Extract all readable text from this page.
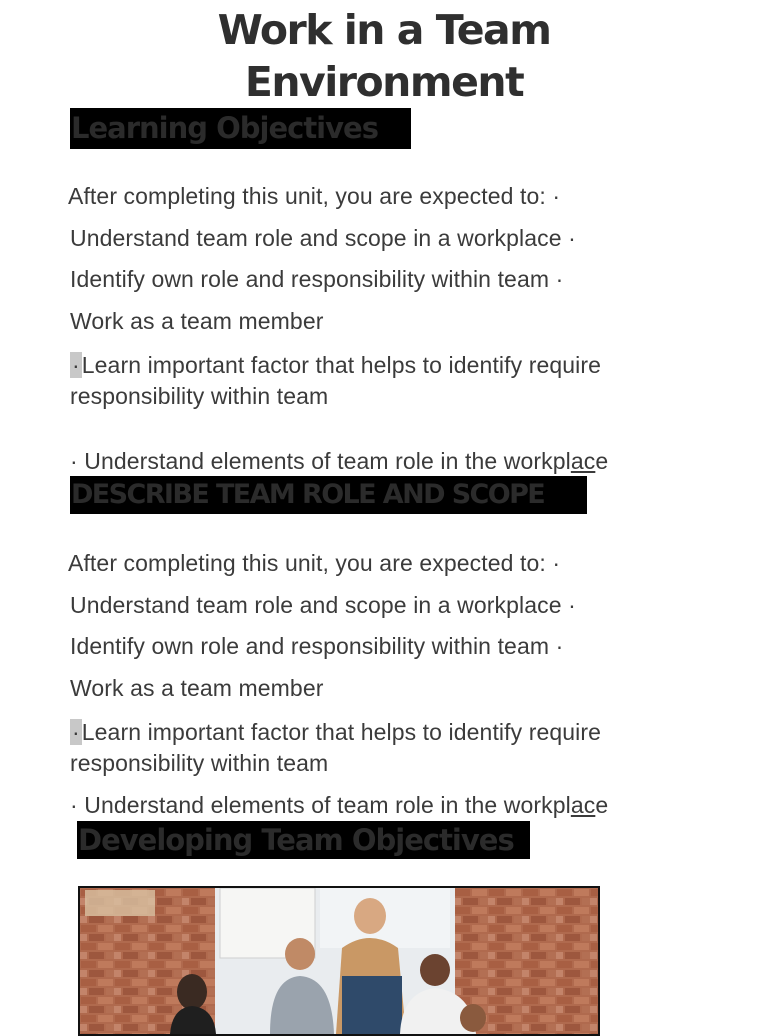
Work in a Team
Environment
Learning Objectives
After completing this unit, you are expected to: ·
Understand team role and scope in a workplace ·
Identify own role and responsibility within team ·
Work as a team member
·Learn important factor that helps to identify require
responsibility within team
· Understand elements of team role in the workplace
DESCRIBE TEAM ROLE AND SCOPE
After completing this unit, you are expected to: ·
Understand team role and scope in a workplace ·
Identify own role and responsibility within team ·
Work as a team member
·Learn important factor that helps to identify require
responsibility within team
· Understand elements of team role in the workplace
Developing Team Objectives
